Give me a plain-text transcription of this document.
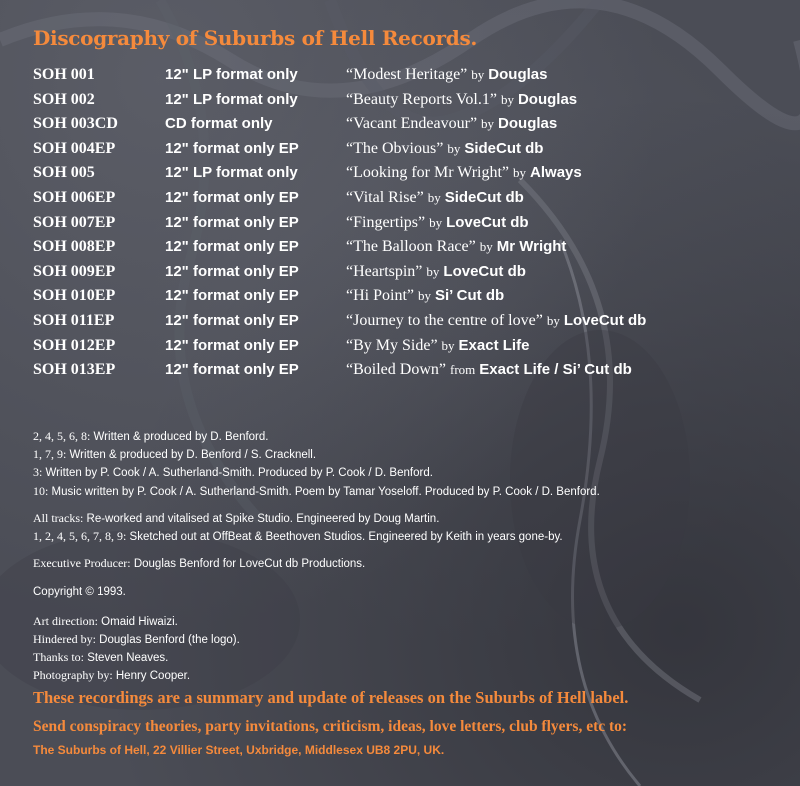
Discography of Suburbs of Hell Records.
SOH 001	12" LP format only	“Modest Heritage” by Douglas
SOH 002	12" LP format only	“Beauty Reports Vol.1” by Douglas
SOH 003CD	CD format only	“Vacant Endeavour” by Douglas
SOH 004EP	12" format only EP	“The Obvious” by SideCut db
SOH 005	12" LP format only	“Looking for Mr Wright” by Always
SOH 006EP	12" format only EP	“Vital Rise” by SideCut db
SOH 007EP	12" format only EP	“Fingertips” by LoveCut db
SOH 008EP	12" format only EP	“The Balloon Race” by Mr Wright
SOH 009EP	12" format only EP	“Heartspin” by LoveCut db
SOH 010EP	12" format only EP	“Hi Point” by Si’ Cut db
SOH 011EP	12" format only EP	“Journey to the centre of love” by LoveCut db
SOH 012EP	12" format only EP	“By My Side” by Exact Life
SOH 013EP	12" format only EP	“Boiled Down” from Exact Life / Si’ Cut db

2, 4, 5, 6, 8: Written & produced by D. Benford.

1, 7, 9: Written & produced by D. Benford / S. Cracknell.

3: Written by P. Cook / A. Sutherland-Smith. Produced by P. Cook / D. Benford.

10: Music written by P. Cook / A. Sutherland-Smith. Poem by Tamar Yoseloff. Produced by P. Cook / D. Benford.

All tracks: Re-worked and vitalised at Spike Studio. Engineered by Doug Martin.

1, 2, 4, 5, 6, 7, 8, 9: Sketched out at OffBeat & Beethoven Studios. Engineered by Keith in years gone-by.

Executive Producer: Douglas Benford for LoveCut db Productions.

Copyright © 1993.

Art direction: Omaid Hiwaizi.

Hindered by: Douglas Benford (the logo).

Thanks to: Steven Neaves.

Photography by: Henry Cooper.

These recordings are a summary and update of releases on the Suburbs of Hell label.

Send conspiracy theories, party invitations, criticism, ideas, love letters, club flyers, etc to:

The Suburbs of Hell, 22 Villier Street, Uxbridge, Middlesex UB8 2PU, UK.
